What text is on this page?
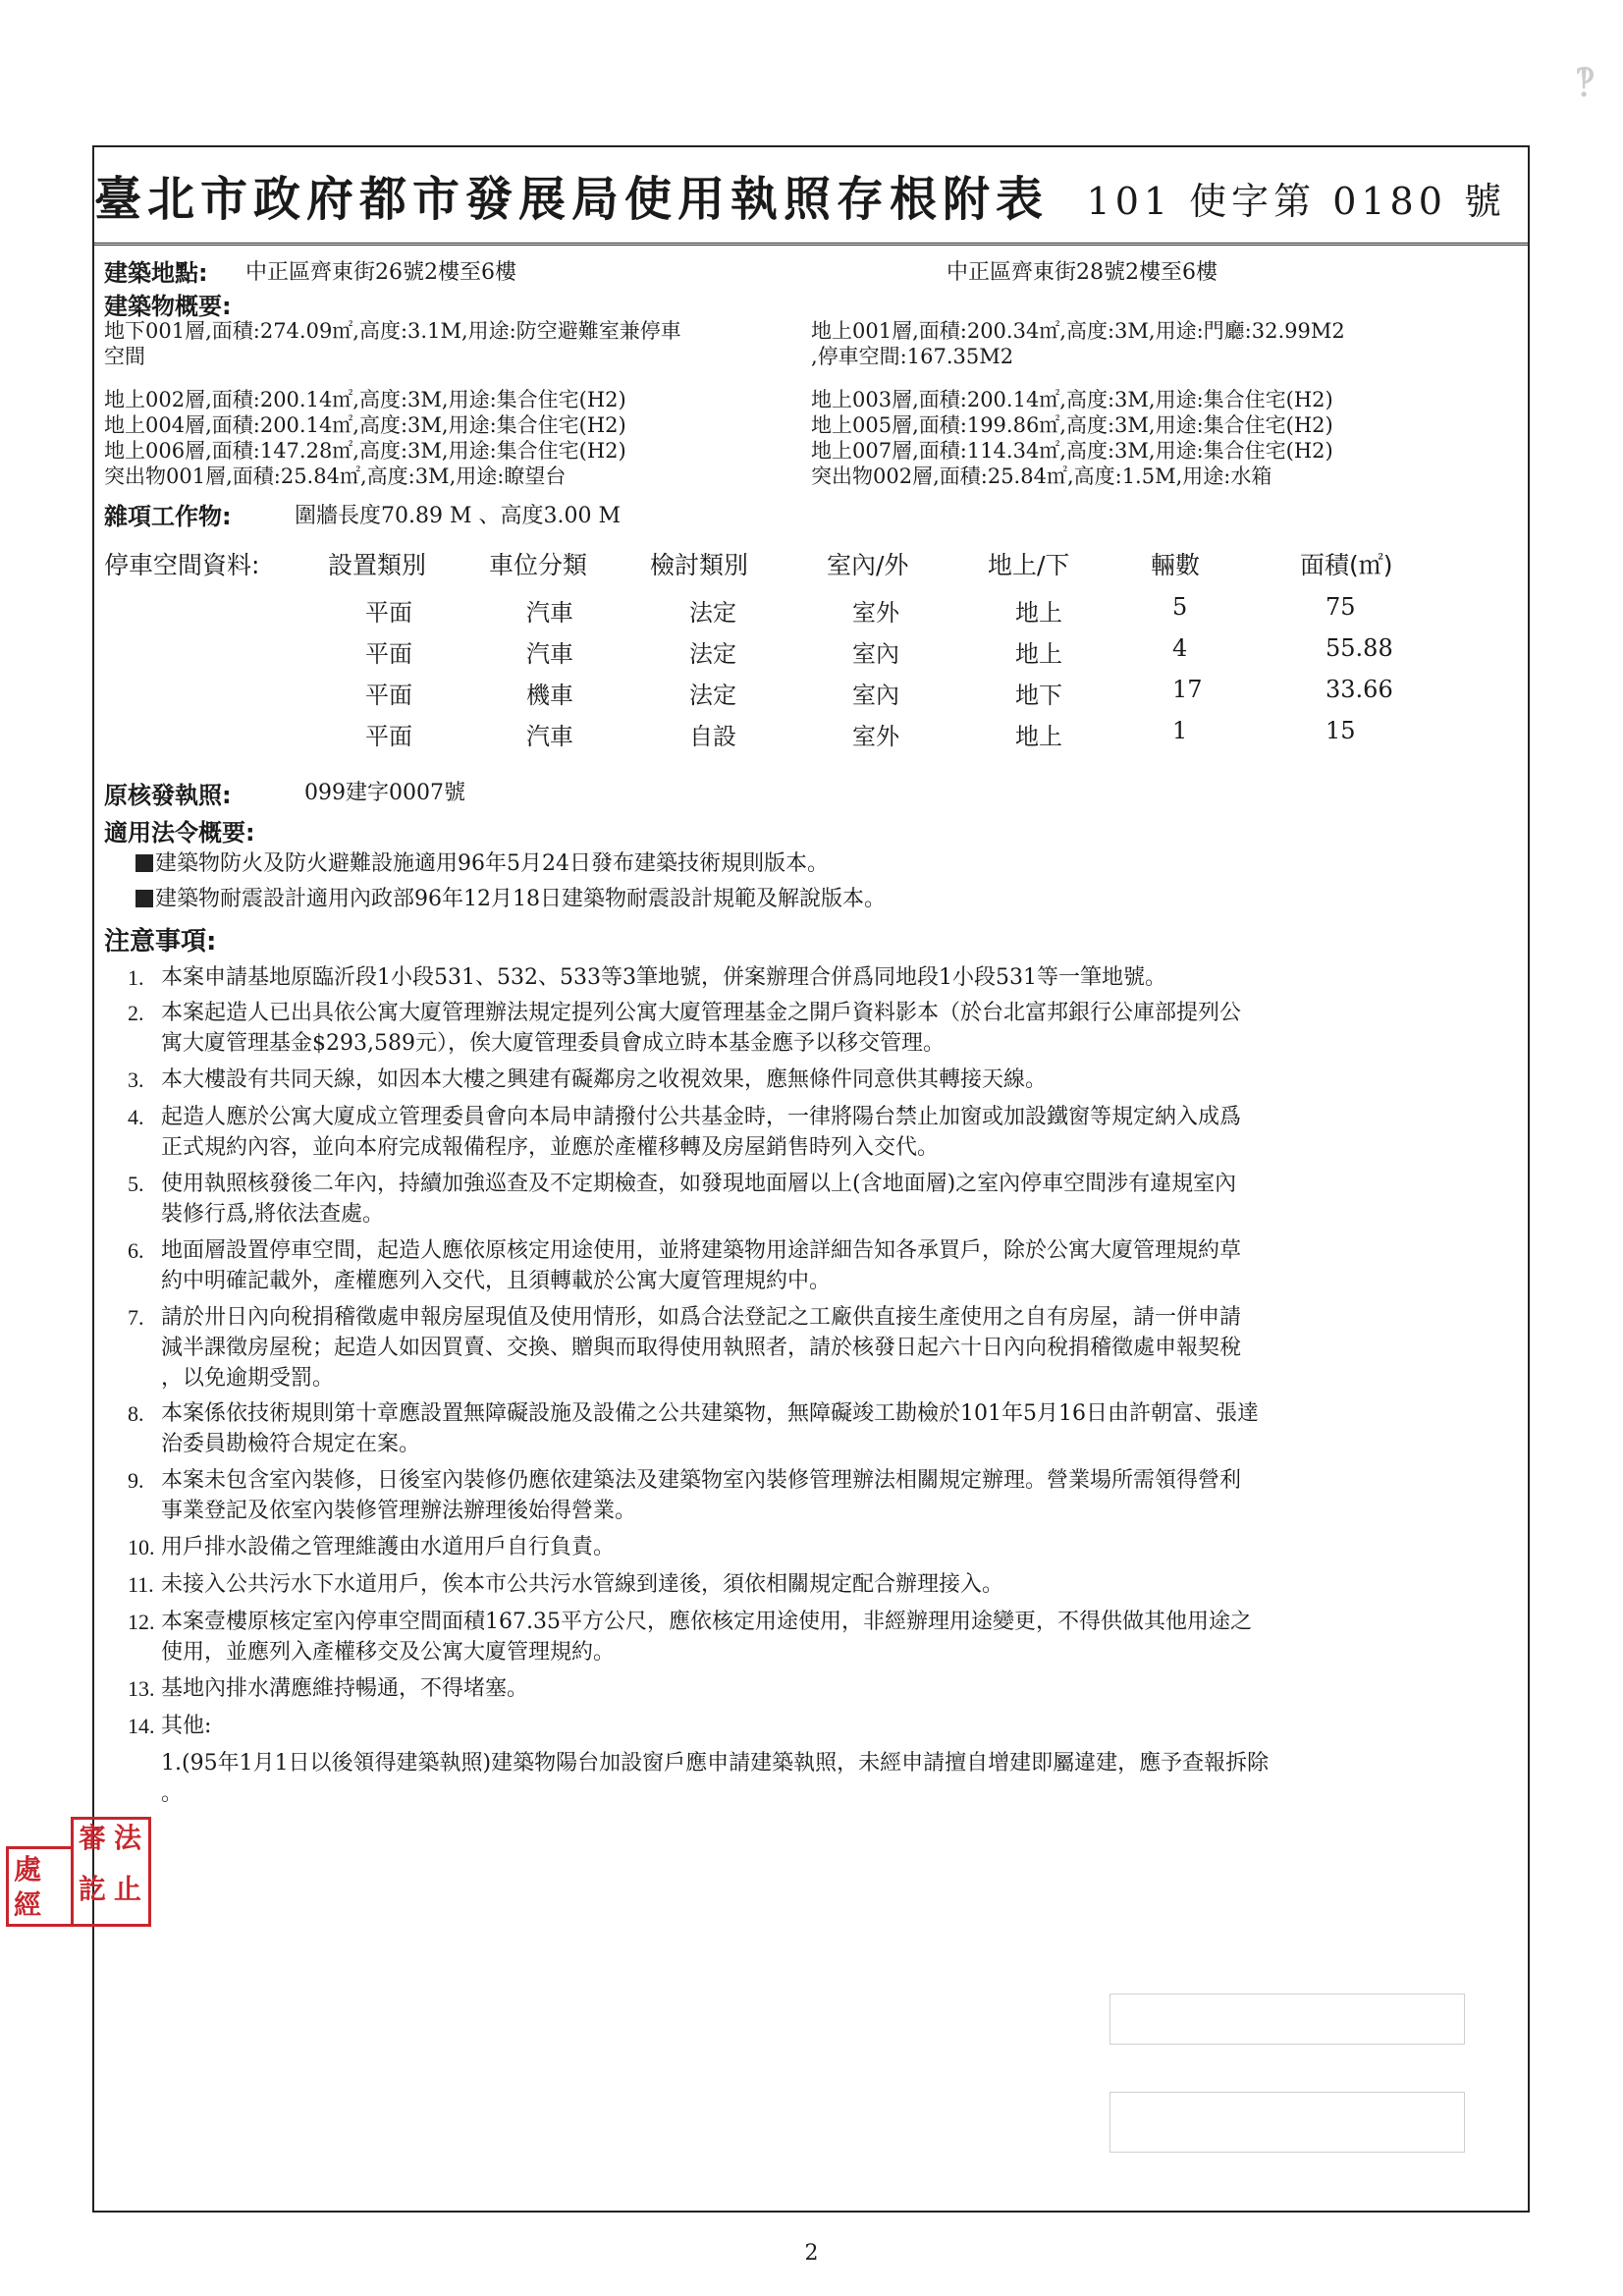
‽
臺北市政府都市發展局使用執照存根附表 101 使字第 0180 號
建築地點: 中正區齊東街26號2樓至6樓	中正區齊東街28號2樓至6樓
建築物概要:
地下001層,面積:274.09㎡,高度:3.1M,用途:防空避難室兼停車
空間
地上002層,面積:200.14㎡,高度:3M,用途:集合住宅(H2)
地上004層,面積:200.14㎡,高度:3M,用途:集合住宅(H2)
地上006層,面積:147.28㎡,高度:3M,用途:集合住宅(H2)
突出物001層,面積:25.84㎡,高度:3M,用途:瞭望台
地上001層,面積:200.34㎡,高度:3M,用途:門廳:32.99M2
,停車空間:167.35M2
地上003層,面積:200.14㎡,高度:3M,用途:集合住宅(H2)
地上005層,面積:199.86㎡,高度:3M,用途:集合住宅(H2)
地上007層,面積:114.34㎡,高度:3M,用途:集合住宅(H2)
突出物002層,面積:25.84㎡,高度:1.5M,用途:水箱
雜項工作物:	圍牆長度70.89 M 、高度3.00 M
停車空間資料:	設置類別	車位分類	檢討類別	室內/外	地上/下	輛數	面積(㎡)
平面	汽車	法定	室外	地上	5	75
平面	汽車	法定	室內	地上	4	55.88
平面	機車	法定	室內	地下	17	33.66
平面	汽車	自設	室外	地上	1	15
原核發執照:	099建字0007號
適用法令概要:
建築物防火及防火避難設施適用96年5月24日發布建築技術規則版本。
建築物耐震設計適用內政部96年12月18日建築物耐震設計規範及解說版本。
注意事項:
1. 本案申請基地原臨沂段1小段531、532、533等3筆地號，併案辦理合併爲同地段1小段531等一筆地號。
2. 本案起造人已出具依公寓大廈管理辦法規定提列公寓大廈管理基金之開戶資料影本（於台北富邦銀行公庫部提列公
寓大廈管理基金$293,589元），俟大廈管理委員會成立時本基金應予以移交管理。
3. 本大樓設有共同天線，如因本大樓之興建有礙鄰房之收視效果，應無條件同意供其轉接天線。
4. 起造人應於公寓大廈成立管理委員會向本局申請撥付公共基金時，一律將陽台禁止加窗或加設鐵窗等規定納入成爲
正式規約內容，並向本府完成報備程序，並應於產權移轉及房屋銷售時列入交代。
5. 使用執照核發後二年內，持續加強巡查及不定期檢查，如發現地面層以上(含地面層)之室內停車空間涉有違規室內
裝修行爲,將依法查處。
6. 地面層設置停車空間，起造人應依原核定用途使用，並將建築物用途詳細告知各承買戶，除於公寓大廈管理規約草
約中明確記載外，產權應列入交代，且須轉載於公寓大廈管理規約中。
7. 請於卅日內向稅捐稽徵處申報房屋現值及使用情形，如爲合法登記之工廠供直接生產使用之自有房屋，請一併申請
減半課徵房屋稅；起造人如因買賣、交換、贈與而取得使用執照者，請於核發日起六十日內向稅捐稽徵處申報契稅
，以免逾期受罰。
8. 本案係依技術規則第十章應設置無障礙設施及設備之公共建築物，無障礙竣工勘檢於101年5月16日由許朝富、張達
治委員勘檢符合規定在案。
9. 本案未包含室內裝修，日後室內裝修仍應依建築法及建築物室內裝修管理辦法相關規定辦理。營業場所需領得營利
事業登記及依室內裝修管理辦法辦理後始得營業。
10. 用戶排水設備之管理維護由水道用戶自行負責。
11. 未接入公共污水下水道用戶，俟本市公共污水管線到達後，須依相關規定配合辦理接入。
12. 本案壹樓原核定室內停車空間面積167.35平方公尺，應依核定用途使用，非經辦理用途變更，不得供做其他用途之
使用，並應列入產權移交及公寓大廈管理規約。
13. 基地內排水溝應維持暢通，不得堵塞。
14. 其他:
1.(95年1月1日以後領得建築執照)建築物陽台加設窗戶應申請建築執照，未經申請擅自增建即屬違建，應予查報拆除
。
審 法
訖 止
處
經
2
